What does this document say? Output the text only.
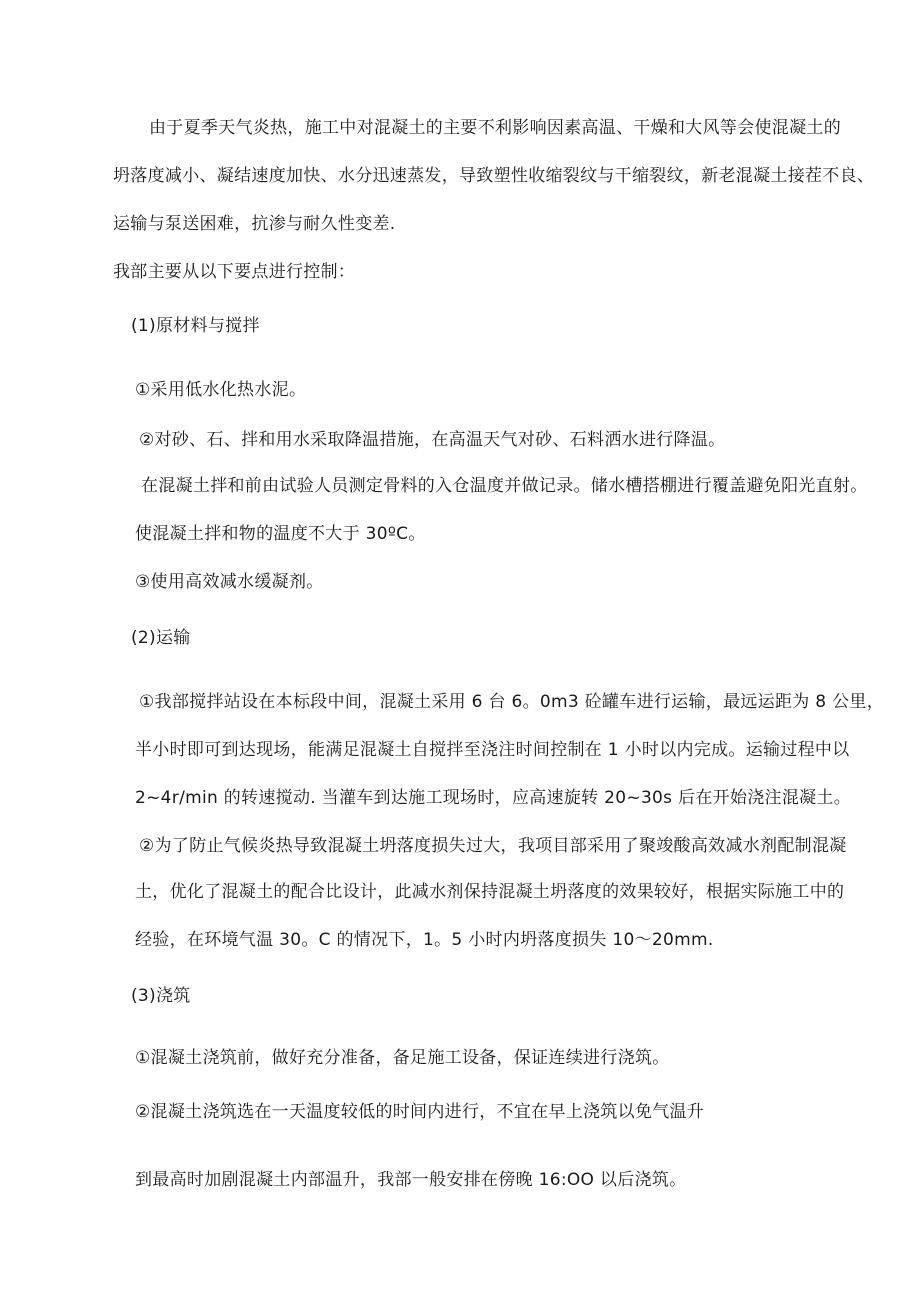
由于夏季天气炎热，施工中对混凝土的主要不利影响因素高温、干燥和大风等会使混凝土的
坍落度减小、凝结速度加快、水分迅速蒸发，导致塑性收缩裂纹与干缩裂纹，新老混凝土接茬不良、
运输与泵送困难，抗渗与耐久性变差.
我部主要从以下要点进行控制：
(1)原材料与搅拌
①采用低水化热水泥。
②对砂、石、拌和用水采取降温措施，在高温天气对砂、石料洒水进行降温。
在混凝土拌和前由试验人员测定骨料的入仓温度并做记录。储水槽搭棚进行覆盖避免阳光直射。
使混凝土拌和物的温度不大于 30ºC。
③使用高效减水缓凝剂。
(2)运输
①我部搅拌站设在本标段中间，混凝土采用 6 台 6。0m3 砼罐车进行运输，最远运距为 8 公里，
半小时即可到达现场，能满足混凝土自搅拌至浇注时间控制在 1 小时以内完成。运输过程中以
2~4r/min 的转速搅动. 当灌车到达施工现场时，应高速旋转 20~30s 后在开始浇注混凝土。
②为了防止气候炎热导致混凝土坍落度损失过大，我项目部采用了聚竣酸高效减水剂配制混凝
土，优化了混凝土的配合比设计，此减水剂保持混凝土坍落度的效果较好，根据实际施工中的
经验，在环境气温 30。C 的情况下，1。5 小时内坍落度损失 10～20mm.
(3)浇筑
①混凝土浇筑前，做好充分准备，备足施工设备，保证连续进行浇筑。
②混凝土浇筑选在一天温度较低的时间内进行，不宜在早上浇筑以免气温升
到最高时加剧混凝土内部温升，我部一般安排在傍晚 16:OO 以后浇筑。
